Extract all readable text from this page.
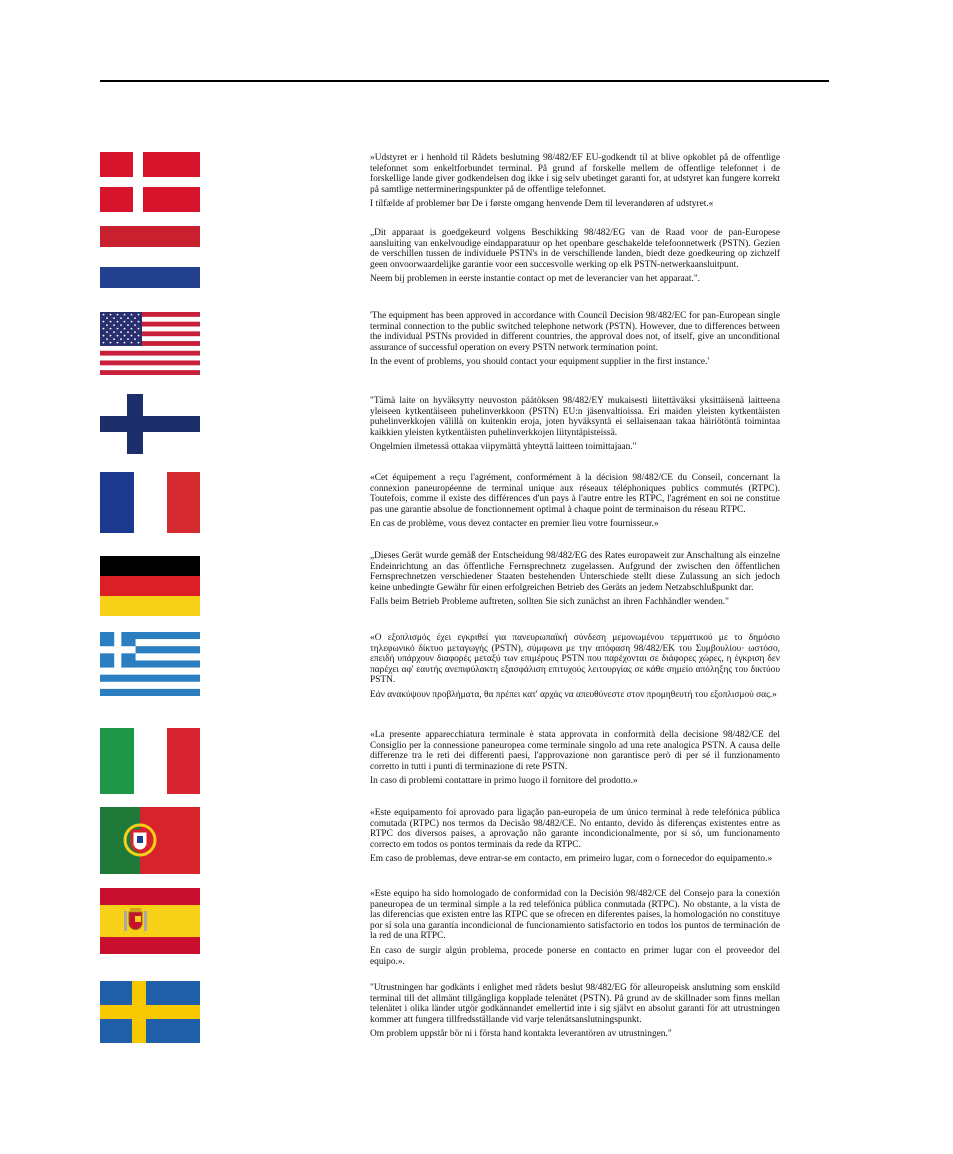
»Udstyret er i henhold til Rådets beslutning 98/482/EF EU-godkendt til at blive opkoblet på de offentlige telefonnet som enkeltforbundet terminal. På grund af forskelle mellem de offentlige telefonnet i de forskellige lande giver godkendelsen dog ikke i sig selv ubetinget garanti for, at udstyret kan fungere korrekt på samtlige nettermineringspunkter på de offentlige telefonnet.

I tilfælde af problemer bør De i første omgang henvende Dem til leverandøren af udstyret.«

„Dit apparaat is goedgekeurd volgens Beschikking 98/482/EG van de Raad voor de pan-Europese aansluiting van enkelvoudige eindapparatuur op het openbare geschakelde telefoonnetwerk (PSTN). Gezien de verschillen tussen de individuele PSTN's in de verschillende landen, biedt deze goedkeuring op zichzelf geen onvoorwaardelijke garantie voor een succesvolle werking op elk PSTN-netwerkaansluitpunt.

Neem bij problemen in eerste instantie contact op met de leverancier van het apparaat.".

'The equipment has been approved in accordance with Council Decision 98/482/EC for pan-European single terminal connection to the public switched telephone network (PSTN). However, due to differences between the individual PSTNs provided in different countries, the approval does not, of itself, give an unconditional assurance of successful operation on every PSTN network termination point.

In the event of problems, you should contact your equipment supplier in the first instance.'

"Tämä laite on hyväksytty neuvoston päätöksen 98/482/EY mukaisesti liitettäväksi yksittäisenä laitteena yleiseen kytkentäiseen puhelinverkkoon (PSTN) EU:n jäsenvaltioissa. Eri maiden yleisten kytkentäisten puhelinverkkojen välillä on kuitenkin eroja, joten hyväksyntä ei sellaisenaan takaa häiriötöntä toimintaa kaikkien yleisten kytkentäisten puhelinverkkojen liityntäpisteissä.

Ongelmien ilmetessä ottakaa viipymättä yhteyttä laitteen toimittajaan."

«Cet équipement a reçu l'agrément, conformément à la décision 98/482/CE du Conseil, concernant la connexion paneuropéenne de terminal unique aux réseaux téléphoniques publics commutés (RTPC). Toutefois, comme il existe des différences d'un pays à l'autre entre les RTPC, l'agrément en soi ne constitue pas une garantie absolue de fonctionnement optimal à chaque point de terminaison du réseau RTPC.

En cas de problème, vous devez contacter en premier lieu votre fournisseur.»

„Dieses Gerät wurde gemäß der Entscheidung 98/482/EG des Rates europaweit zur Anschaltung als einzelne Endeinrichtung an das öffentliche Fernsprechnetz zugelassen. Aufgrund der zwischen den öffentlichen Fernsprechnetzen verschiedener Staaten bestehenden Unterschiede stellt diese Zulassung an sich jedoch keine unbedingte Gewähr für einen erfolgreichen Betrieb des Geräts an jedem Netzabschlußpunkt dar.

Falls beim Betrieb Probleme auftreten, sollten Sie sich zunächst an ihren Fachhändler wenden."

«Ο εξοπλισμός έχει εγκριθεί για πανευρωπαϊκή σύνδεση μεμονωμένου τερματικού με το δημόσιο τηλεφωνικό δίκτυο μεταγωγής (PSTN), σύμφωνα με την απόφαση 98/482/ΕΚ του Συμβουλίου· ωστόσο, επειδή υπάρχουν διαφορές μεταξύ των επιμέρους PSTN που παρέχονται σε διάφορες χώρες, η έγκριση δεν παρέχει αφ' εαυτής ανεπιφύλακτη εξασφάλιση επιτυχούς λειτουργίας σε κάθε σημείο απόληξης του δικτύου PSTN.

Εάν ανακύψουν προβλήματα, θα πρέπει κατ' αρχάς να απευθύνεστε στον προμηθευτή του εξοπλισμού σας.»

«La presente apparecchiatura terminale è stata approvata in conformità della decisione 98/482/CE del Consiglio per la connessione paneuropea come terminale singolo ad una rete analogica PSTN. A causa delle differenze tra le reti dei differenti paesi, l'approvazione non garantisce però di per sé il funzionamento corretto in tutti i punti di terminazione di rete PSTN.

In caso di problemi contattare in primo luogo il fornitore del prodotto.»

«Este equipamento foi aprovado para ligação pan-europeia de um único terminal à rede telefónica pública comutada (RTPC) nos termos da Decisão 98/482/CE. No entanto, devido às diferenças existentes entre as RTPC dos diversos países, a aprovação não garante incondicionalmente, por si só, um funcionamento correcto em todos os pontos terminais da rede da RTPC.

Em caso de problemas, deve entrar-se em contacto, em primeiro lugar, com o fornecedor do equipamento.»

«Este equipo ha sido homologado de conformidad con la Decisión 98/482/CE del Consejo para la conexión paneuropea de un terminal simple a la red telefónica pública conmutada (RTPC). No obstante, a la vista de las diferencias que existen entre las RTPC que se ofrecen en diferentes países, la homologación no constituye por sí sola una garantía incondicional de funcionamiento satisfactorio en todos los puntos de terminación de la red de una RTPC.

En caso de surgir algún problema, procede ponerse en contacto en primer lugar con el proveedor del equipo.».

"Utrustningen har godkänts i enlighet med rådets beslut 98/482/EG för alleuropeisk anslutning som enskild terminal till det allmänt tillgängliga kopplade telenätet (PSTN). På grund av de skillnader som finns mellan telenätet i olika länder utgör godkännandet emellertid inte i sig självt en absolut garanti för att utrustningen kommer att fungera tillfredsställande vid varje telenätsanslutningspunkt.

Om problem uppstår bör ni i första hand kontakta leverantören av utrustningen."
